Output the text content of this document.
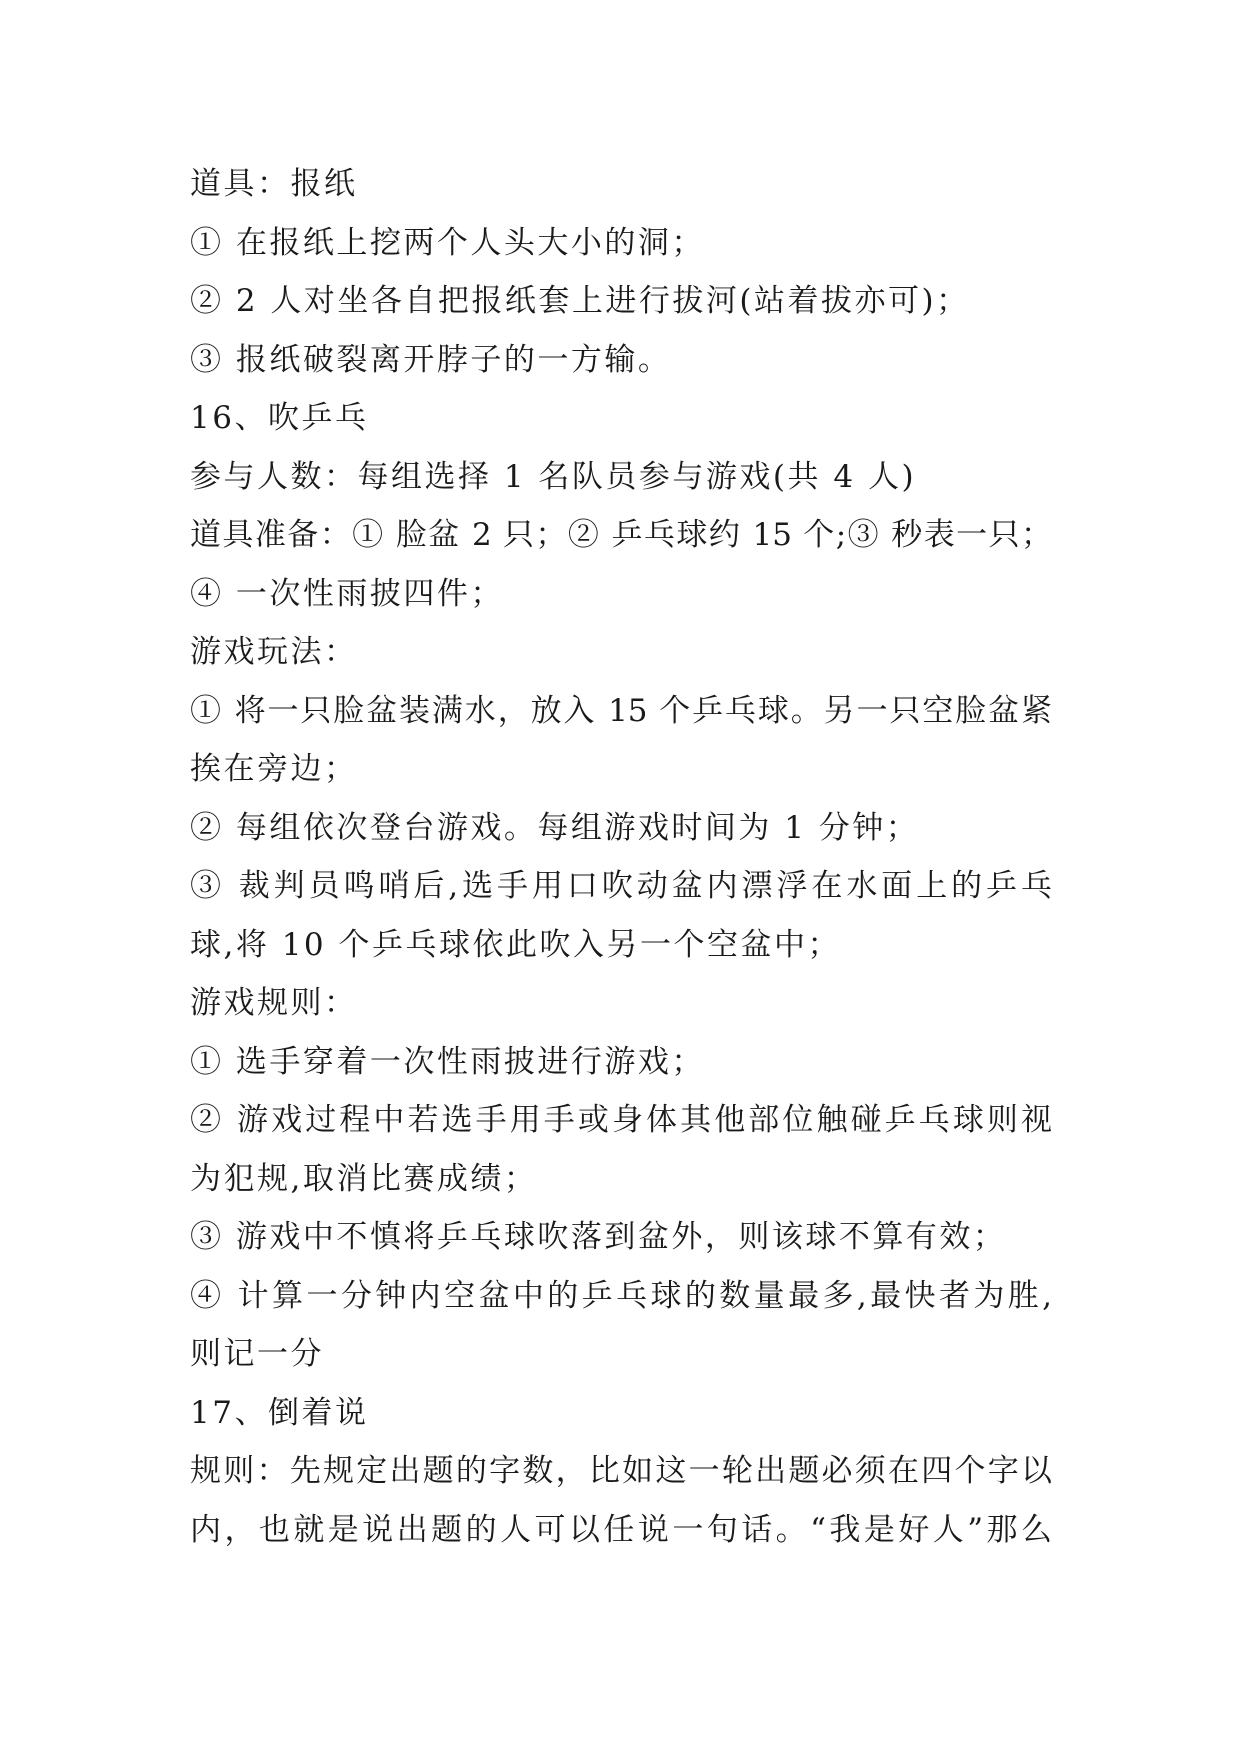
道具：报纸
① 在报纸上挖两个人头大小的洞；
② 2 人对坐各自把报纸套上进行拔河(站着拔亦可)；
③ 报纸破裂离开脖子的一方输。
16、吹乒乓
参与人数：每组选择 1 名队员参与游戏(共 4 人)
道具准备：① 脸盆 2 只；② 乒乓球约 15 个;③ 秒表一只；
④ 一次性雨披四件；
游戏玩法：
① 将一只脸盆装满水，放入 15 个乒乓球。另一只空脸盆紧
挨在旁边；
② 每组依次登台游戏。每组游戏时间为 1 分钟；
③ 裁判员鸣哨后,选手用口吹动盆内漂浮在水面上的乒乓
球,将 10 个乒乓球依此吹入另一个空盆中；
游戏规则：
① 选手穿着一次性雨披进行游戏；
② 游戏过程中若选手用手或身体其他部位触碰乒乓球则视
为犯规,取消比赛成绩；
③ 游戏中不慎将乒乓球吹落到盆外，则该球不算有效；
④ 计算一分钟内空盆中的乒乓球的数量最多,最快者为胜,
则记一分
17、倒着说
规则：先规定出题的字数，比如这一轮出题必须在四个字以
内，也就是说出题的人可以任说一句话。“我是好人”那么
